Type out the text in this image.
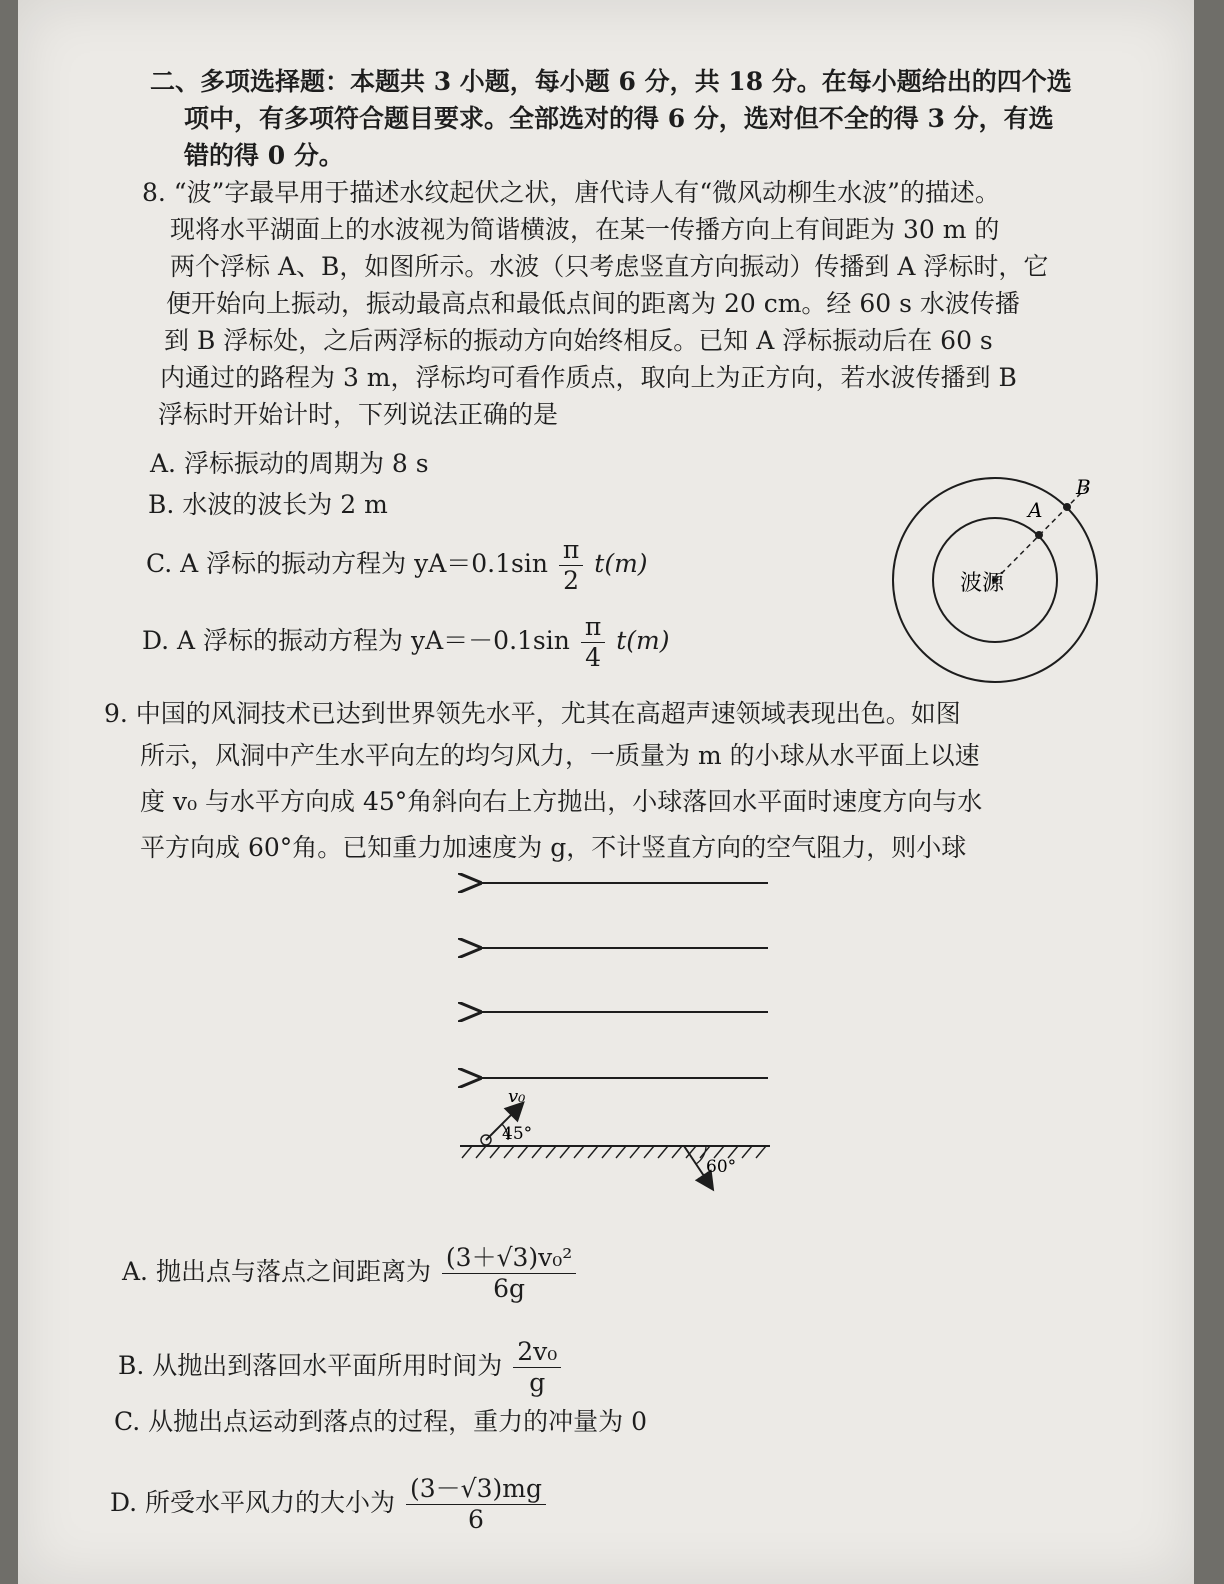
二、多项选择题：本题共 3 小题，每小题 6 分，共 18 分。在每小题给出的四个选
项中，有多项符合题目要求。全部选对的得 6 分，选对但不全的得 3 分，有选
错的得 0 分。
8. “波”字最早用于描述水纹起伏之状，唐代诗人有“微风动柳生水波”的描述。
现将水平湖面上的水波视为简谐横波，在某一传播方向上有间距为 30 m 的
两个浮标 A、B，如图所示。水波（只考虑竖直方向振动）传播到 A 浮标时，它
便开始向上振动，振动最高点和最低点间的距离为 20 cm。经 60 s 水波传播
到 B 浮标处，之后两浮标的振动方向始终相反。已知 A 浮标振动后在 60 s
内通过的路程为 3 m，浮标均可看作质点，取向上为正方向，若水波传播到 B
浮标时开始计时，下列说法正确的是
A. 浮标振动的周期为 8 s
B. 水波的波长为 2 m
C. A 浮标的振动方程为 $yA=0.1\sin \frac{\pi}{2} t(m)$
D. A 浮标的振动方程为 $yA=-0.1\sin \frac{\pi}{4} t(m)$
A
B
波源
9. 中国的风洞技术已达到世界领先水平，尤其在高超声速领域表现出色。如图
所示，风洞中产生水平向左的均匀风力，一质量为 m 的小球从水平面上以速
度 v₀ 与水平方向成 45°角斜向右上方抛出，小球落回水平面时速度方向与水
平方向成 60°角。已知重力加速度为 g，不计竖直方向的空气阻力，则小球
v₀
45°
60°
A. 抛出点与落点之间距离为 $\frac{\text{(3＋√3)v₀²}}{6g}$
B. 从抛出到落回水平面所用时间为 $\frac{\text{2v₀}}{g}$
C. 从抛出点运动到落点的过程，重力的冲量为 0
D. 所受水平风力的大小为 $\frac{(3-√3)mg}{6}$
